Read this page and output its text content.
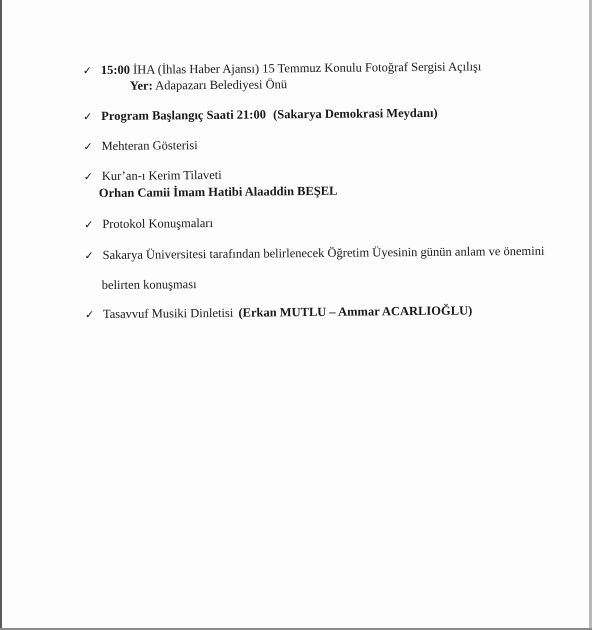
✓ 15:00 İHA (İhlas Haber Ajansı) 15 Temmuz Konulu Fotoğraf Sergisi Açılışı
Yer: Adapazarı Belediyesi Önü
✓ Program Başlangıç Saati 21:00 (Sakarya Demokrasi Meydanı)
✓ Mehteran Gösterisi
✓ Kur’an-ı Kerim Tilaveti
Orhan Camii İmam Hatibi Alaaddin BEŞEL
✓ Protokol Konuşmaları
✓ Sakarya Üniversitesi tarafından belirlenecek Öğretim Üyesinin günün anlam ve önemini
belirten konuşması
✓ Tasavvuf Musiki Dinletisi (Erkan MUTLU – Ammar ACARLIOĞLU)
